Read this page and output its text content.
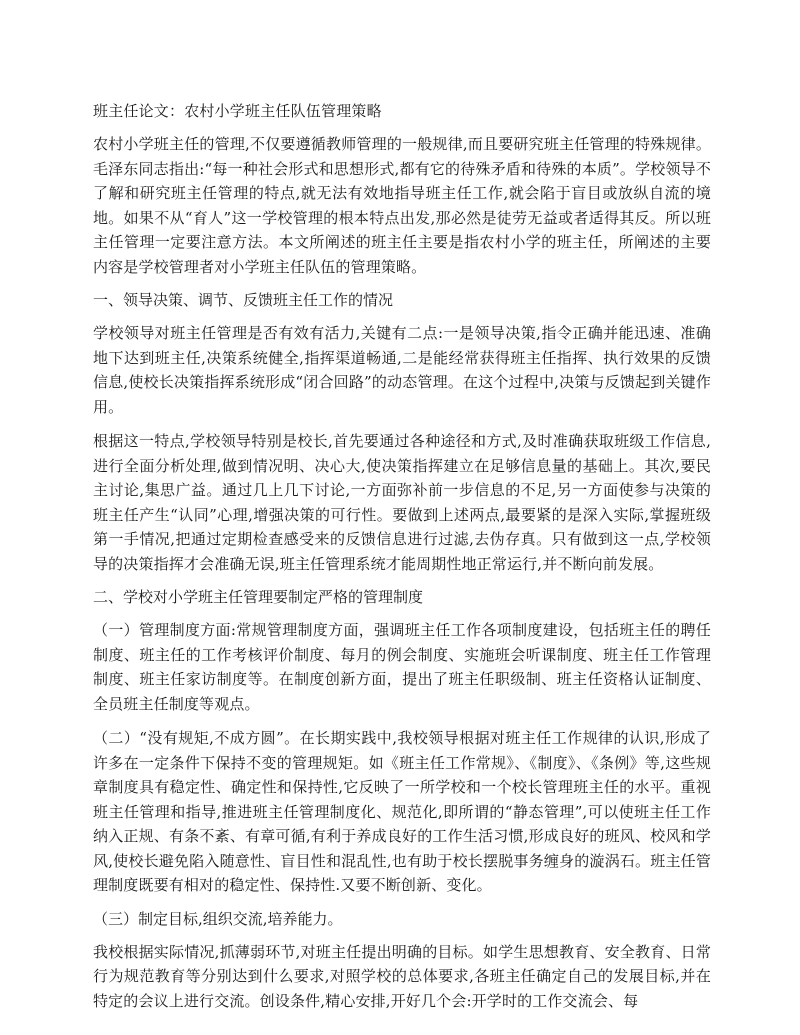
班主任论文：农村小学班主任队伍管理策略

农村小学班主任的管理,不仅要遵循教师管理的一般规律,而且要研究班主任管理的特殊规律。毛泽东同志指出:“每一种社会形式和思想形式,都有它的待殊矛盾和待殊的本质”。学校领导不了解和研究班主任管理的特点,就无法有效地指导班主任工作,就会陷于盲目或放纵自流的境地。如果不从“育人”这一学校管理的根本特点出发,那必然是徒劳无益或者适得其反。所以班主任管理一定要注意方法。本文所阐述的班主任主要是指农村小学的班主任，所阐述的主要内容是学校管理者对小学班主任队伍的管理策略。

一、领导决策、调节、反馈班主任工作的情况

学校领导对班主任管理是否有效有活力,关键有二点:一是领导决策,指令正确并能迅速、准确地下达到班主任,决策系统健全,指挥渠道畅通,二是能经常获得班主任指挥、执行效果的反馈信息,使校长决策指挥系统形成“闭合回路”的动态管理。在这个过程中,决策与反馈起到关键作用。

根据这一特点,学校领导特别是校长,首先要通过各种途径和方式,及时准确获取班级工作信息,进行全面分析处理,做到情况明、决心大,使决策指挥建立在足够信息量的基础上。其次,要民主讨论,集思广益。通过几上几下讨论,一方面弥补前一步信息的不足,另一方面使参与决策的班主任产生“认同”心理,增强决策的可行性。要做到上述两点,最要紧的是深入实际,掌握班级第一手情况,把通过定期检查感受来的反馈信息进行过滤,去伪存真。只有做到这一点,学校领导的决策指挥才会准确无误,班主任管理系统才能周期性地正常运行,并不断向前发展。

二、学校对小学班主任管理要制定严格的管理制度

（一）管理制度方面:常规管理制度方面，强调班主任工作各项制度建设，包括班主任的聘任制度、班主任的工作考核评价制度、每月的例会制度、实施班会听课制度、班主任工作管理制度、班主任家访制度等。在制度创新方面，提出了班主任职级制、班主任资格认证制度、全员班主任制度等观点。

（二）“没有规矩,不成方圆”。在长期实践中,我校领导根据对班主任工作规律的认识,形成了许多在一定条件下保持不变的管理规矩。如《班主任工作常规》、《制度》、《条例》等,这些规章制度具有稳定性、确定性和保持性,它反映了一所学校和一个校长管理班主任的水平。重视班主任管理和指导,推进班主任管理制度化、规范化,即所谓的“静态管理”,可以使班主任工作纳入正规、有条不紊、有章可循,有利于养成良好的工作生活习惯,形成良好的班风、校风和学风,使校长避免陷入随意性、盲目性和混乱性,也有助于校长摆脱事务缠身的漩涡石。班主任管理制度既要有相对的稳定性、保持性.又要不断创新、变化。

（三）制定目标,组织交流,培养能力。

我校根据实际情况,抓薄弱环节,对班主任提出明确的目标。如学生思想教育、安全教育、日常行为规范教育等分别达到什么要求,对照学校的总体要求,各班主任确定自己的发展目标,并在特定的会议上进行交流。创设条件,精心安排,开好几个会:开学时的工作交流会、每
